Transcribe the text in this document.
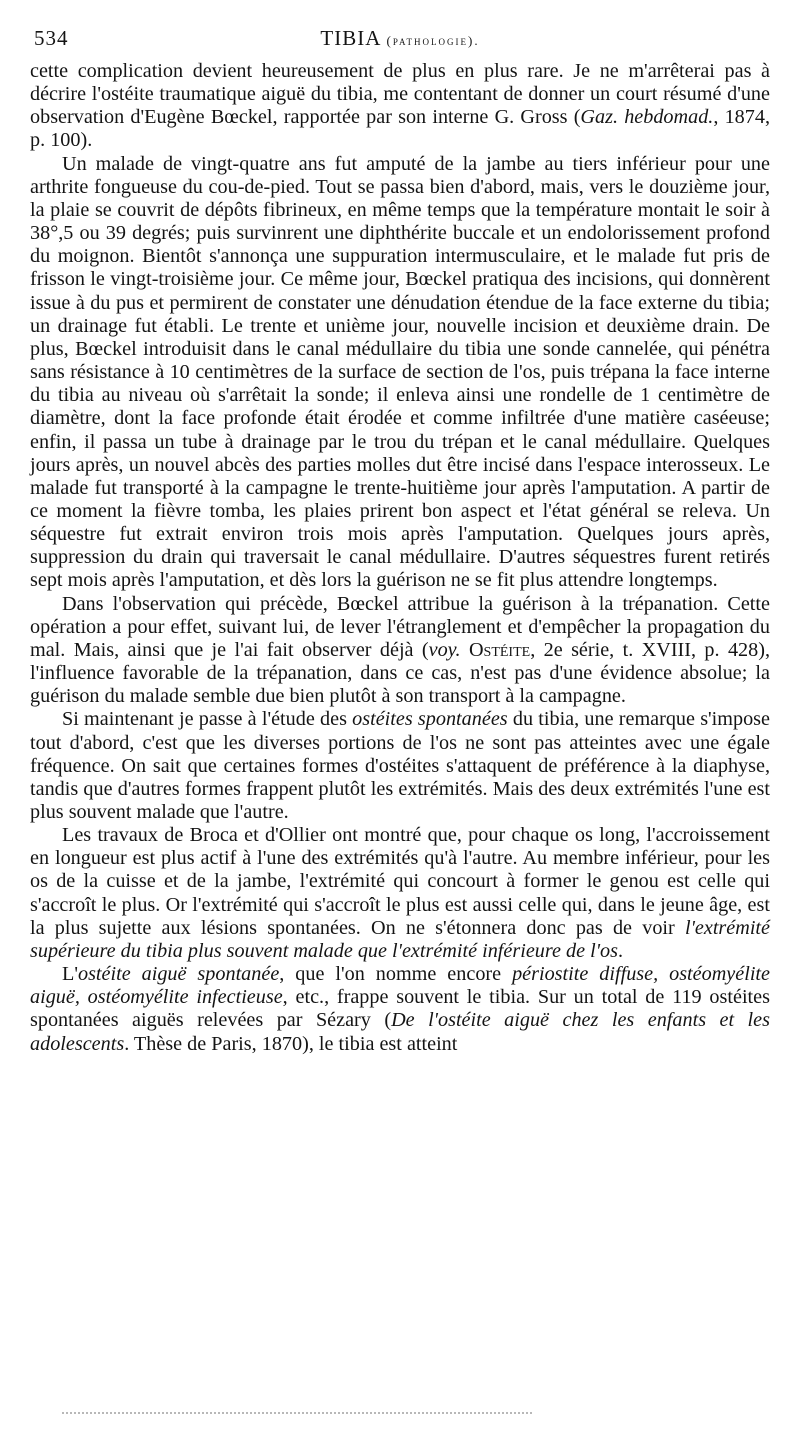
534	TIBIA (pathologie).

cette complication devient heureusement de plus en plus rare. Je ne m'arrêterai pas à décrire l'ostéite traumatique aiguë du tibia, me contentant de donner un court résumé d'une observation d'Eugène Bœckel, rapportée par son interne G. Gross (Gaz. hebdomad., 1874, p. 100).

Un malade de vingt-quatre ans fut amputé de la jambe au tiers inférieur pour une arthrite fongueuse du cou-de-pied. Tout se passa bien d'abord, mais, vers le douzième jour, la plaie se couvrit de dépôts fibrineux, en même temps que la température montait le soir à 38°,5 ou 39 degrés; puis survinrent une diphthérite buccale et un endolorissement profond du moignon. Bientôt s'annonça une suppuration intermusculaire, et le malade fut pris de frisson le vingt-troisième jour. Ce même jour, Bœckel pratiqua des incisions, qui donnèrent issue à du pus et permirent de constater une dénudation étendue de la face externe du tibia; un drainage fut établi. Le trente et unième jour, nouvelle incision et deuxième drain. De plus, Bœckel introduisit dans le canal médullaire du tibia une sonde cannelée, qui pénétra sans résistance à 10 centimètres de la surface de section de l'os, puis trépana la face interne du tibia au niveau où s'arrêtait la sonde; il enleva ainsi une rondelle de 1 centimètre de diamètre, dont la face profonde était érodée et comme infiltrée d'une matière caséeuse; enfin, il passa un tube à drainage par le trou du trépan et le canal médullaire. Quelques jours après, un nouvel abcès des parties molles dut être incisé dans l'espace interosseux. Le malade fut transporté à la campagne le trente-huitième jour après l'amputation. A partir de ce moment la fièvre tomba, les plaies prirent bon aspect et l'état général se releva. Un séquestre fut extrait environ trois mois après l'amputation. Quelques jours après, suppression du drain qui traversait le canal médullaire. D'autres séquestres furent retirés sept mois après l'amputation, et dès lors la guérison ne se fit plus attendre longtemps.

Dans l'observation qui précède, Bœckel attribue la guérison à la trépanation. Cette opération a pour effet, suivant lui, de lever l'étranglement et d'empêcher la propagation du mal. Mais, ainsi que je l'ai fait observer déjà (voy. Ostéite, 2e série, t. XVIII, p. 428), l'influence favorable de la trépanation, dans ce cas, n'est pas d'une évidence absolue; la guérison du malade semble due bien plutôt à son transport à la campagne.

Si maintenant je passe à l'étude des ostéites spontanées du tibia, une remarque s'impose tout d'abord, c'est que les diverses portions de l'os ne sont pas atteintes avec une égale fréquence. On sait que certaines formes d'ostéites s'attaquent de préférence à la diaphyse, tandis que d'autres formes frappent plutôt les extrémités. Mais des deux extrémités l'une est plus souvent malade que l'autre.

Les travaux de Broca et d'Ollier ont montré que, pour chaque os long, l'accroissement en longueur est plus actif à l'une des extrémités qu'à l'autre. Au membre inférieur, pour les os de la cuisse et de la jambe, l'extrémité qui concourt à former le genou est celle qui s'accroît le plus. Or l'extrémité qui s'accroît le plus est aussi celle qui, dans le jeune âge, est la plus sujette aux lésions spontanées. On ne s'étonnera donc pas de voir l'extrémité supérieure du tibia plus souvent malade que l'extrémité inférieure de l'os.

L'ostéite aiguë spontanée, que l'on nomme encore périostite diffuse, ostéomyélite aiguë, ostéomyélite infectieuse, etc., frappe souvent le tibia. Sur un total de 119 ostéites spontanées aiguës relevées par Sézary (De l'ostéite aiguë chez les enfants et les adolescents. Thèse de Paris, 1870), le tibia est atteint
